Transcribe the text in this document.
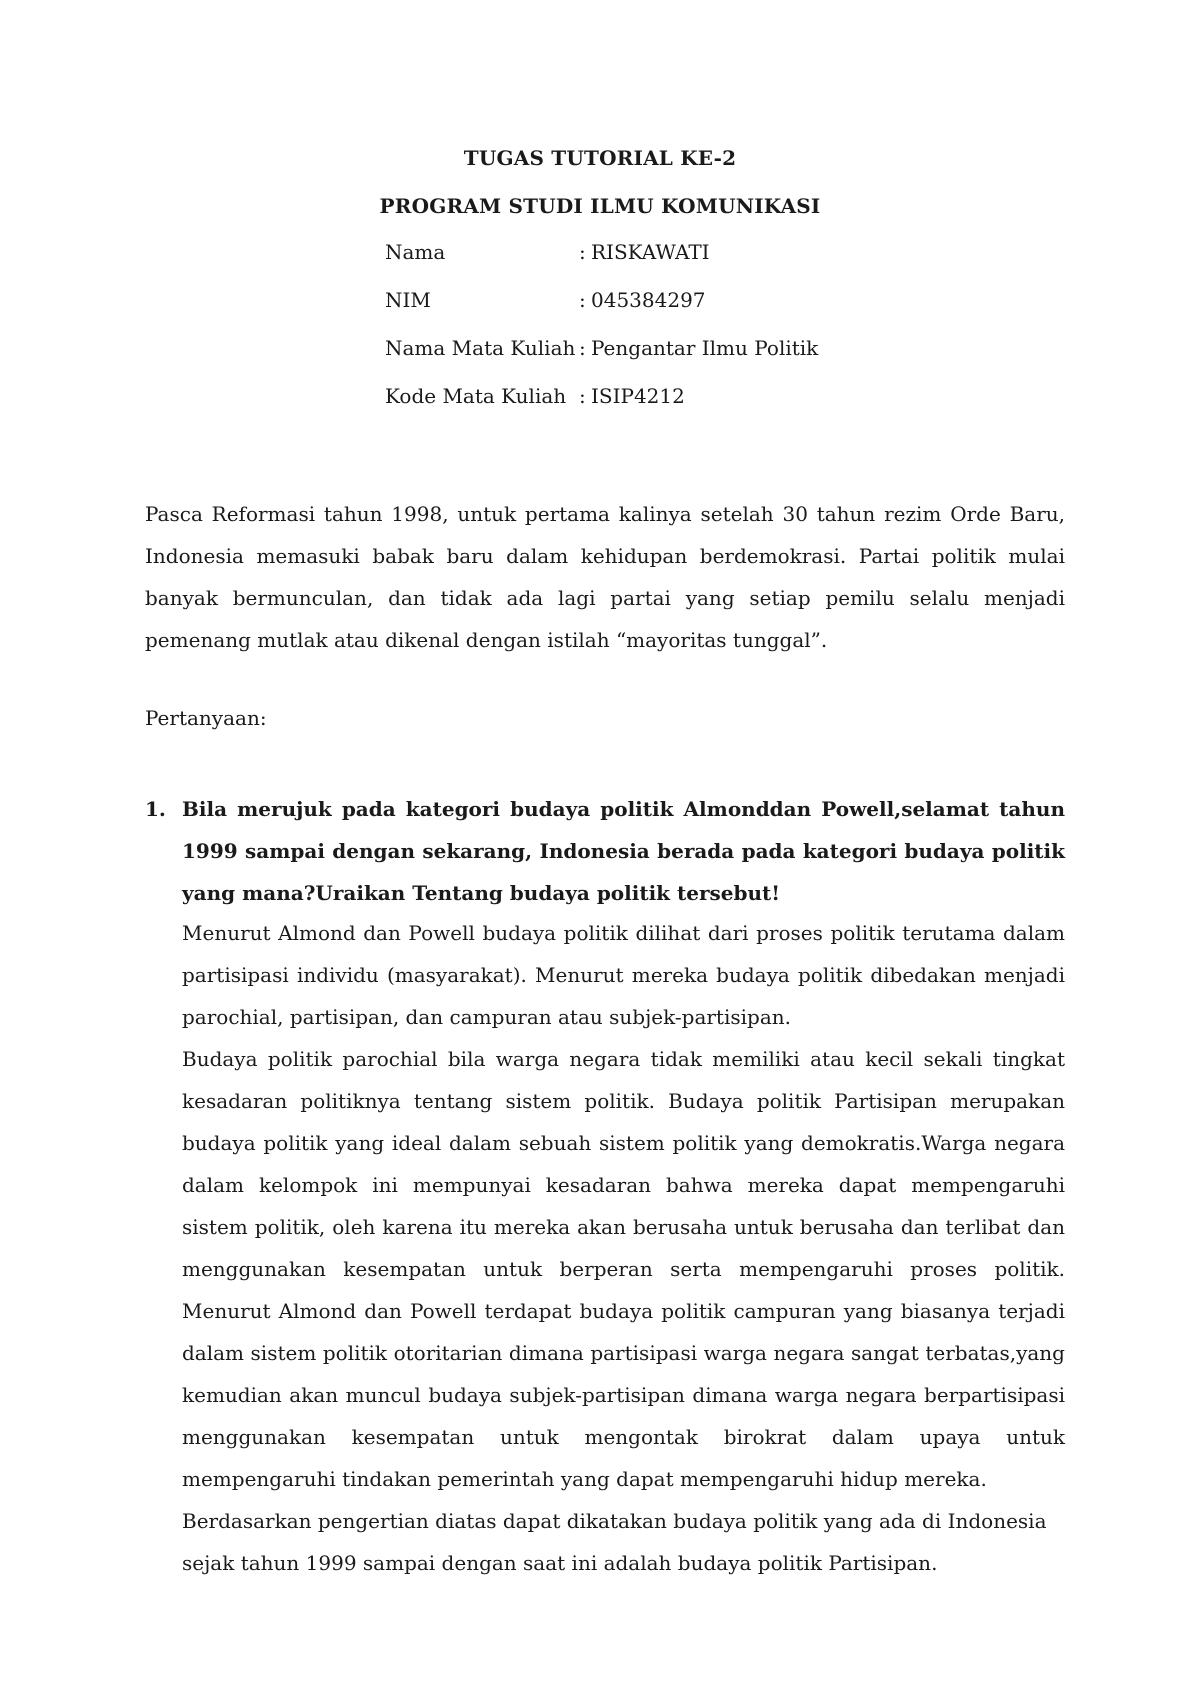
TUGAS TUTORIAL KE-2
PROGRAM STUDI ILMU KOMUNIKASI
Nama	: RISKAWATI
NIM	: 045384297
Nama Mata Kuliah : Pengantar Ilmu Politik
Kode Mata Kuliah : ISIP4212
Pasca Reformasi tahun 1998, untuk pertama kalinya setelah 30 tahun rezim Orde Baru, Indonesia memasuki babak baru dalam kehidupan berdemokrasi. Partai politik mulai banyak bermunculan, dan tidak ada lagi partai yang setiap pemilu selalu menjadi pemenang mutlak atau dikenal dengan istilah “mayoritas tunggal”.
Pertanyaan:
1. Bila merujuk pada kategori budaya politik Almonddan Powell,selamat tahun 1999 sampai dengan sekarang, Indonesia berada pada kategori budaya politik yang mana?Uraikan Tentang budaya politik tersebut!
Menurut Almond dan Powell budaya politik dilihat dari proses politik terutama dalam partisipasi individu (masyarakat). Menurut mereka budaya politik dibedakan menjadi parochial, partisipan, dan campuran atau subjek-partisipan.
Budaya politik parochial bila warga negara tidak memiliki atau kecil sekali tingkat kesadaran politiknya tentang sistem politik. Budaya politik Partisipan merupakan budaya politik yang ideal dalam sebuah sistem politik yang demokratis.Warga negara dalam kelompok ini mempunyai kesadaran bahwa mereka dapat mempengaruhi sistem politik, oleh karena itu mereka akan berusaha untuk berusaha dan terlibat dan menggunakan kesempatan untuk berperan serta mempengaruhi proses politik. Menurut Almond dan Powell terdapat budaya politik campuran yang biasanya terjadi dalam sistem politik otoritarian dimana partisipasi warga negara sangat terbatas,yang kemudian akan muncul budaya subjek-partisipan dimana warga negara berpartisipasi menggunakan kesempatan untuk mengontak birokrat dalam upaya untuk mempengaruhi tindakan pemerintah yang dapat mempengaruhi hidup mereka.
Berdasarkan pengertian diatas dapat dikatakan budaya politik yang ada di Indonesia
sejak tahun 1999 sampai dengan saat ini adalah budaya politik Partisipan.
